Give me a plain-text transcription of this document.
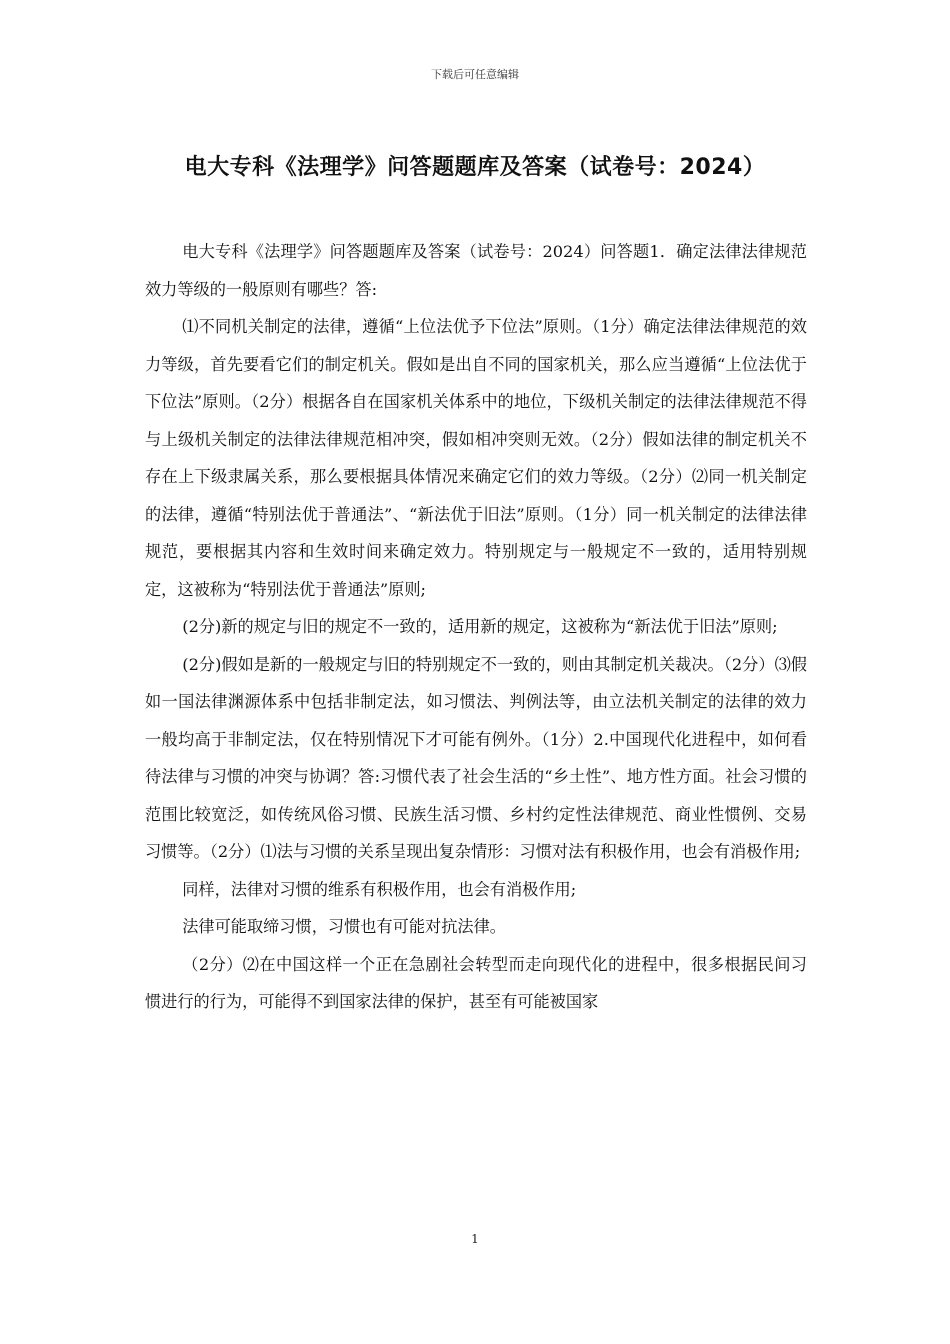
下载后可任意编辑
电大专科《法理学》问答题题库及答案（试卷号：2024）

电大专科《法理学》问答题题库及答案（试卷号：2024）问答题1．确定法律法律规范效力等级的一般原则有哪些？答:

⑴不同机关制定的法律，遵循“上位法优予下位法”原则。（1分）确定法律法律规范的效力等级，首先要看它们的制定机关。假如是出自不同的国家机关，那么应当遵循“上位法优于下位法”原则。（2分）根据各自在国家机关体系中的地位，下级机关制定的法律法律规范不得与上级机关制定的法律法律规范相冲突，假如相冲突则无效。（2分）假如法律的制定机关不存在上下级隶属关系，那么要根据具体情况来确定它们的效力等级。（2分）⑵同一机关制定的法律，遵循“特别法优于普通法”、“新法优于旧法”原则。（1分）同一机关制定的法律法律规范，要根据其内容和生效时间来确定效力。特别规定与一般规定不一致的，适用特别规定，这被称为“特别法优于普通法”原则;

(2分)新的规定与旧的规定不一致的，适用新的规定，这被称为“新法优于旧法”原则;

(2分)假如是新的一般规定与旧的特别规定不一致的，则由其制定机关裁决。（2分）⑶假如一国法律渊源体系中包括非制定法，如习惯法、判例法等，由立法机关制定的法律的效力一般均高于非制定法，仅在特别情况下才可能有例外。（1分）2.中国现代化进程中，如何看待法律与习惯的冲突与协调？答:习惯代表了社会生活的“乡土性”、地方性方面。社会习惯的范围比较宽泛，如传统风俗习惯、民族生活习惯、乡村约定性法律规范、商业性惯例、交易习惯等。（2分）⑴法与习惯的关系呈现出复杂情形：习惯对法有积极作用，也会有消极作用;

同样，法律对习惯的维系有积极作用，也会有消极作用;

法律可能取缔习惯，习惯也有可能对抗法律。

（2分）⑵在中国这样一个正在急剧社会转型而走向现代化的进程中，很多根据民间习惯进行的行为，可能得不到国家法律的保护，甚至有可能被国家

1
